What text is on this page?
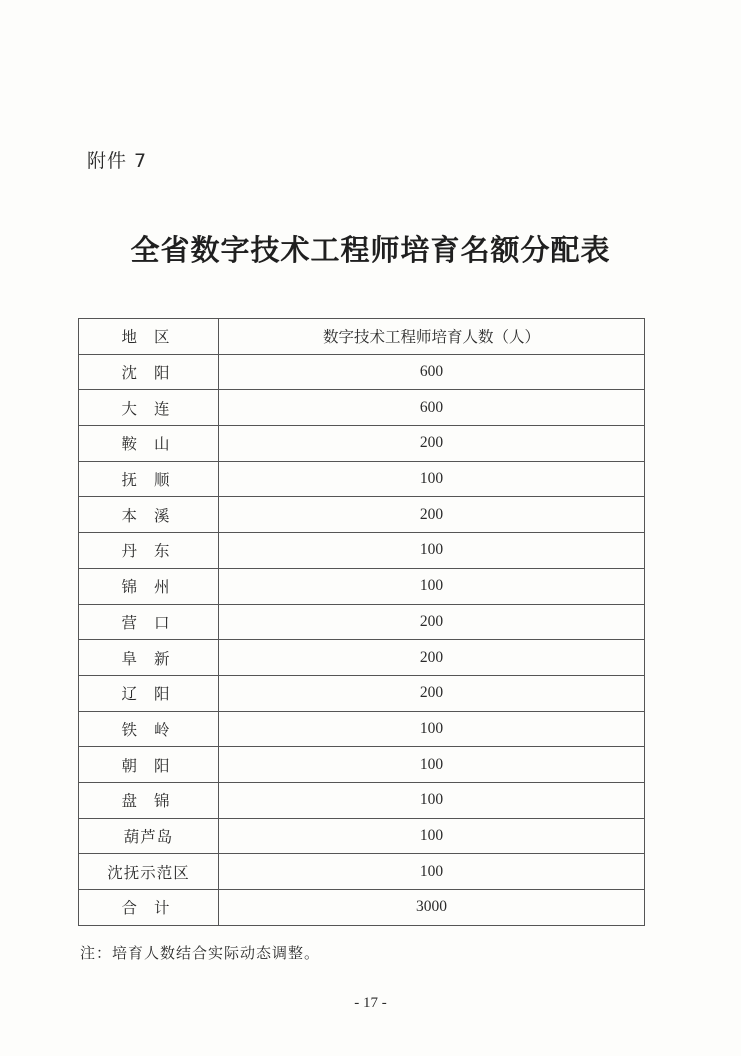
附件 7
全省数字技术工程师培育名额分配表
地 区	数字技术工程师培育人数（人）
沈 阳	600
大 连	600
鞍 山	200
抚 顺	100
本 溪	200
丹 东	100
锦 州	100
营 口	200
阜 新	200
辽 阳	200
铁 岭	100
朝 阳	100
盘 锦	100
葫芦岛	100
沈抚示范区	100
合 计	3000
注：培育人数结合实际动态调整。
- 17 -
